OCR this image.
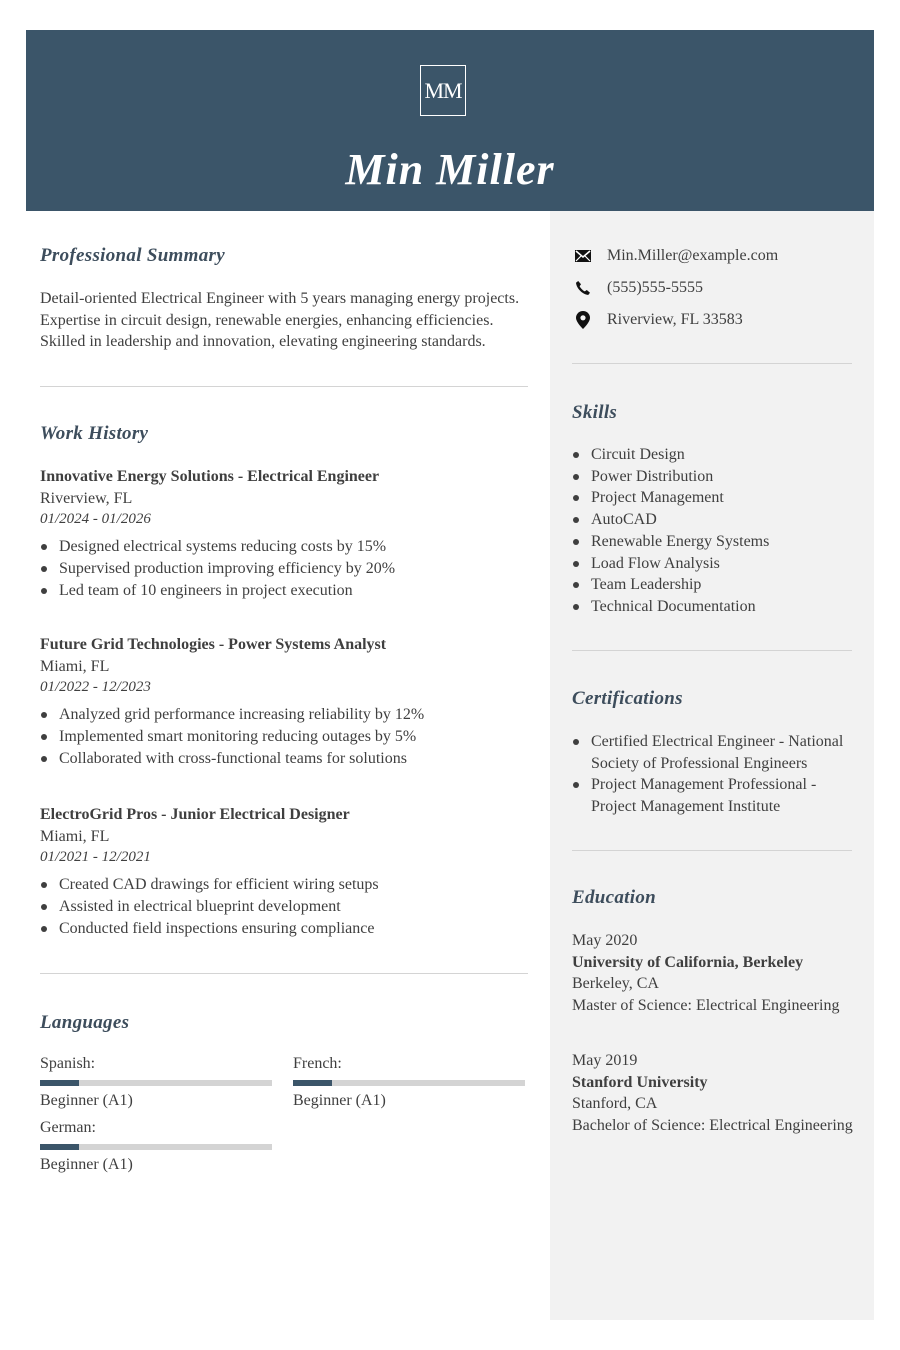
MM
Min Miller
Professional Summary
Detail-oriented Electrical Engineer with 5 years managing energy projects.
Expertise in circuit design, renewable energies, enhancing efficiencies.
Skilled in leadership and innovation, elevating engineering standards.
Work History
Innovative Energy Solutions - Electrical Engineer
Riverview, FL
01/2024 - 01/2026
Designed electrical systems reducing costs by 15%
Supervised production improving efficiency by 20%
Led team of 10 engineers in project execution
Future Grid Technologies - Power Systems Analyst
Miami, FL
01/2022 - 12/2023
Analyzed grid performance increasing reliability by 12%
Implemented smart monitoring reducing outages by 5%
Collaborated with cross-functional teams for solutions
ElectroGrid Pros - Junior Electrical Designer
Miami, FL
01/2021 - 12/2021
Created CAD drawings for efficient wiring setups
Assisted in electrical blueprint development
Conducted field inspections ensuring compliance
Languages
Spanish:
Beginner (A1)
French:
Beginner (A1)
German:
Beginner (A1)
Min.Miller@example.com
(555)555-5555
Riverview, FL 33583
Skills
Circuit Design
Power Distribution
Project Management
AutoCAD
Renewable Energy Systems
Load Flow Analysis
Team Leadership
Technical Documentation
Certifications
Certified Electrical Engineer - National
Society of Professional Engineers
Project Management Professional -
Project Management Institute
Education
May 2020
University of California, Berkeley
Berkeley, CA
Master of Science: Electrical Engineering
May 2019
Stanford University
Stanford, CA
Bachelor of Science: Electrical Engineering
